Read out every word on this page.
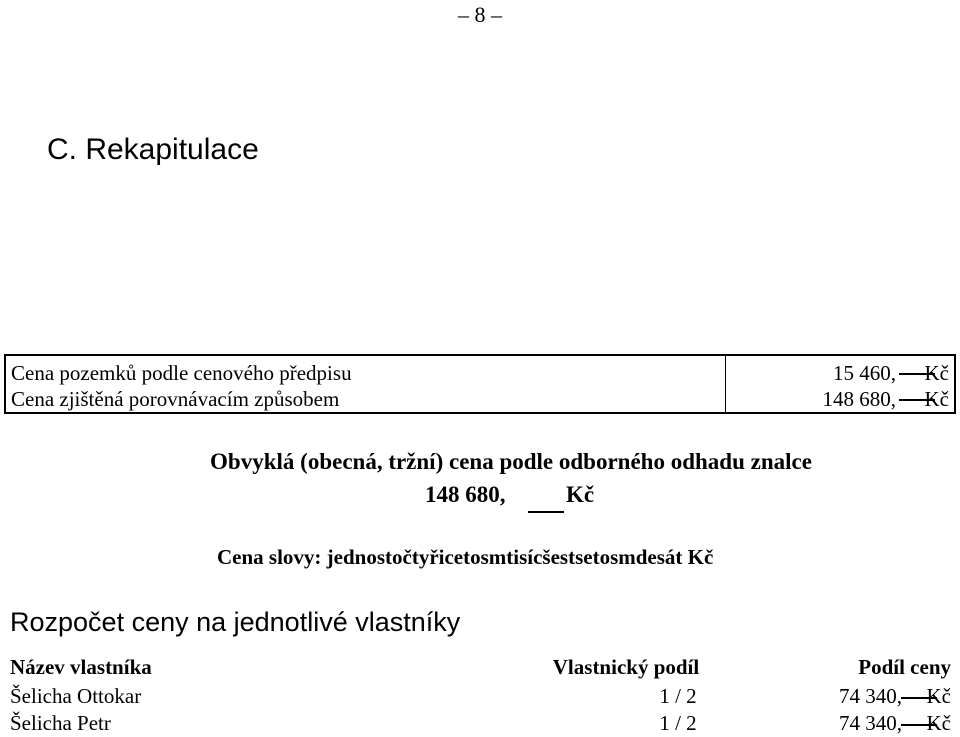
– 8 –
C. Rekapitulace
Cena pozemků podle cenového předpisu	15 460, Kč
Cena zjištěná porovnávacím způsobem	148 680, Kč
Obvyklá (obecná, tržní) cena podle odborného odhadu znalce
148 680,	Kč
Cena slovy: jednostočtyřicetosmtisícšestsetosmdesát Kč
Rozpočet ceny na jednotlivé vlastníky
Název vlastníka	Vlastnický podíl	Podíl ceny
Šelicha Ottokar	1 / 2	74 340, Kč
Šelicha Petr	1 / 2	74 340, Kč
